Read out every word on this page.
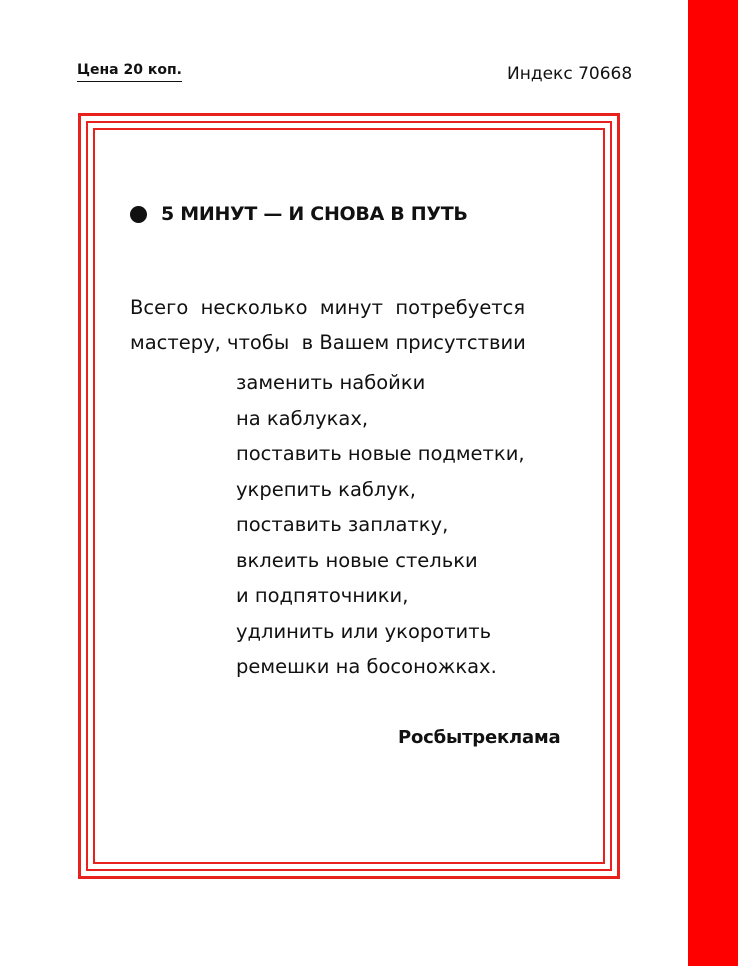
Цена 20 коп.	Индекс 70668
5 МИНУТ — И СНОВА В ПУТЬ
Всего  несколько  минут  потребуется
мастеру, чтобы  в Вашем присутствии
заменить набойки
на каблуках,
поставить новые подметки,
укрепить каблук,
поставить заплатку,
вклеить новые стельки
и подпяточники,
удлинить или укоротить
ремешки на босоножках.
Росбытреклама
